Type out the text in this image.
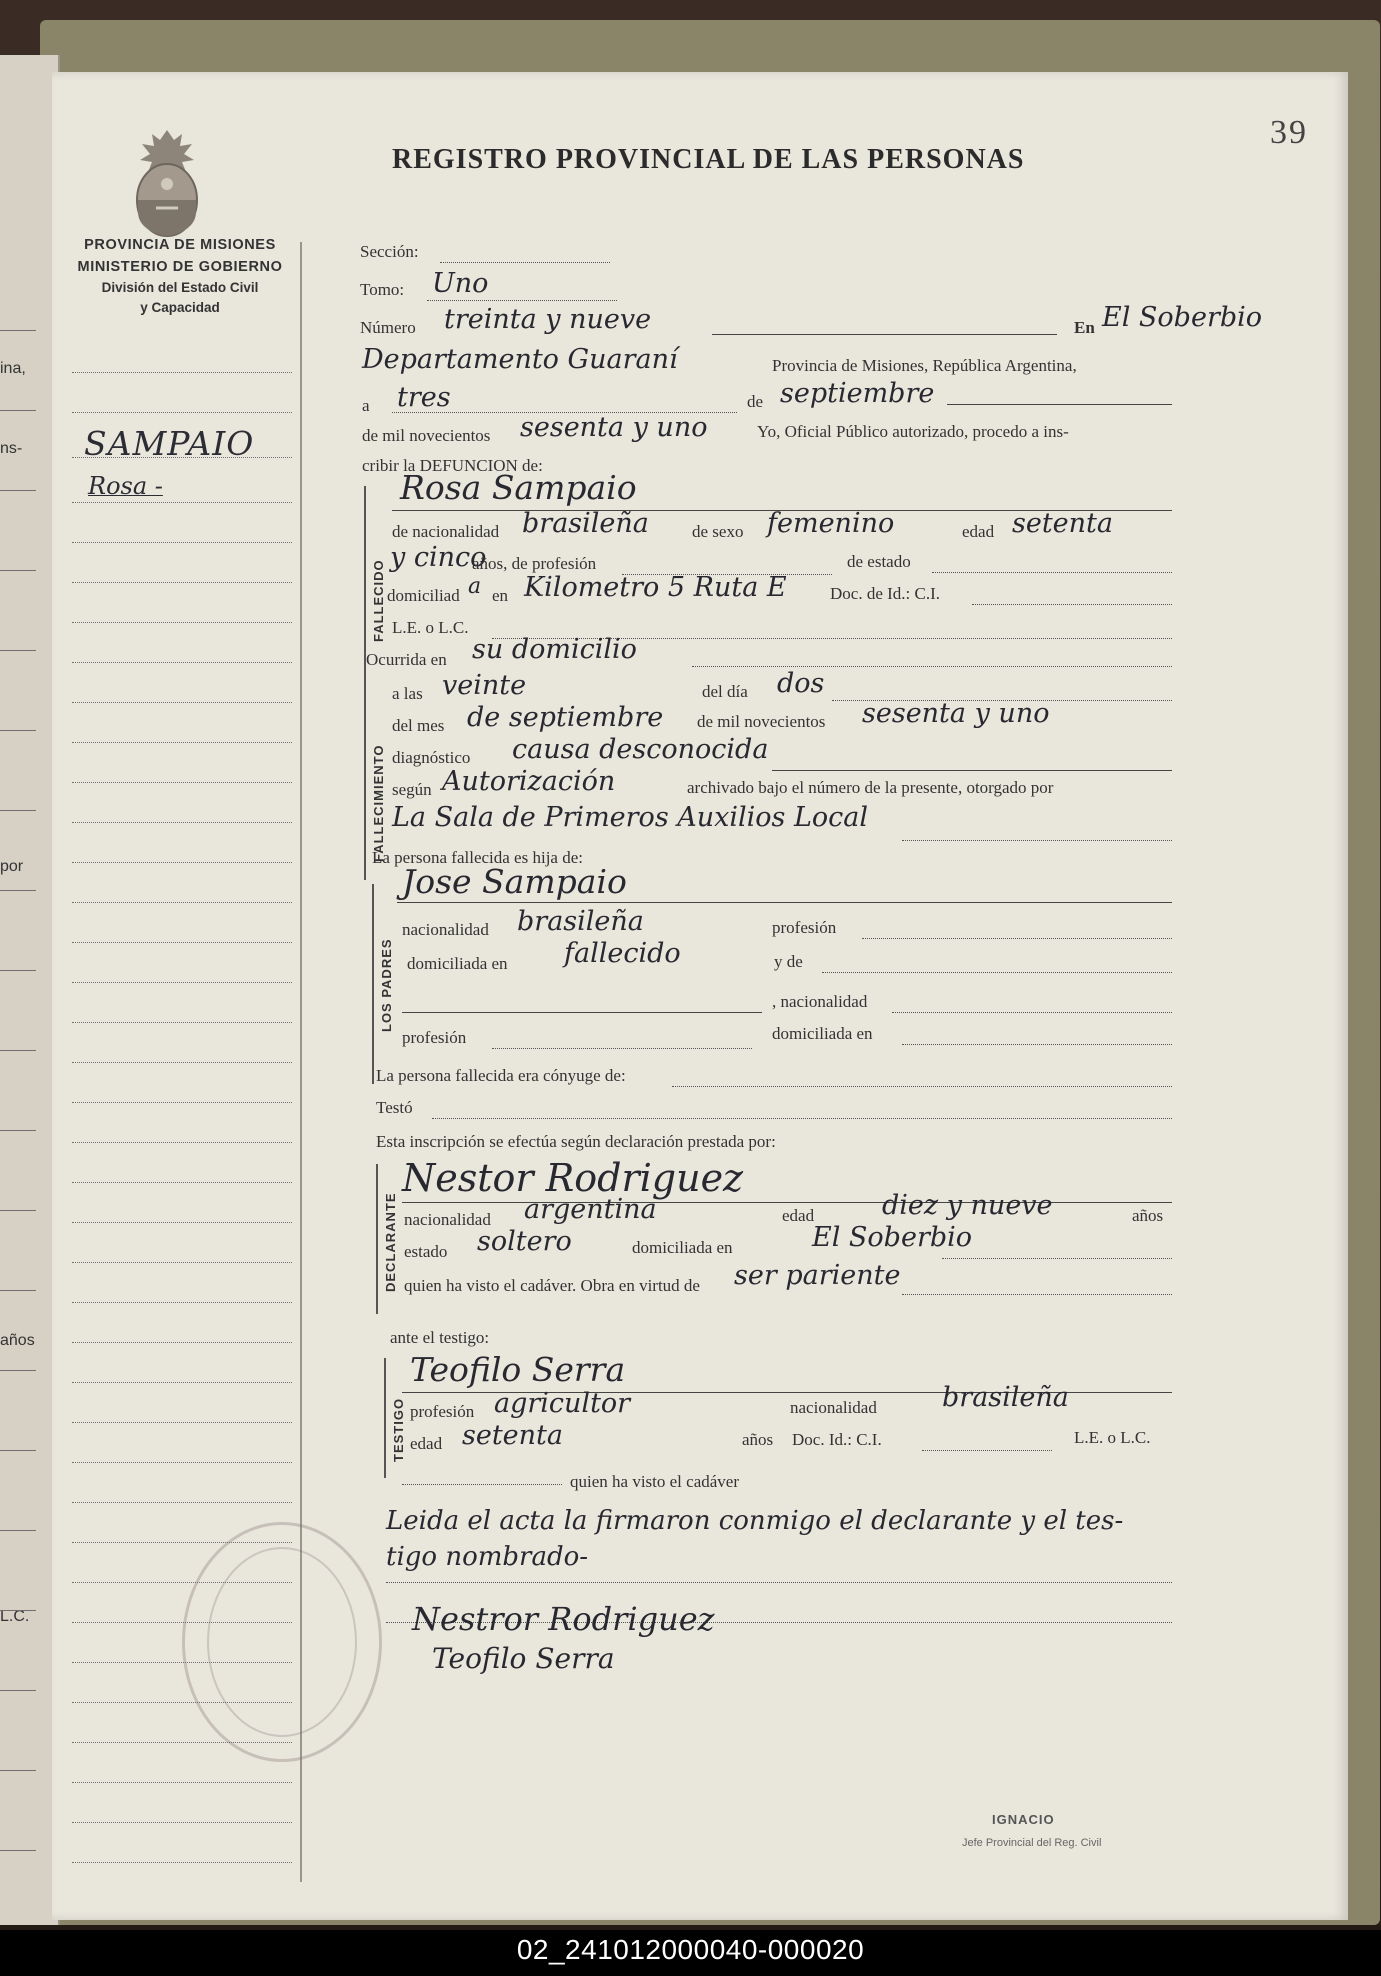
ina,
ns-
por
años
L.C.
39
REGISTRO PROVINCIAL DE LAS PERSONAS
PROVINCIA DE MISIONES
MINISTERIO DE GOBIERNO
División del Estado Civil
y Capacidad
SAMPAIO
Rosa -
Sección:
Tomo: Uno
Número treinta y nueve	En El Soberbio
Departamento Guaraní	Provincia de Misiones, República Argentina,
a tres	de septiembre
de mil novecientos sesenta y uno	Yo, Oficial Público autorizado, procedo a ins-
cribir la DEFUNCION de:
FALLECIDO
Rosa Sampaio
de nacionalidad brasileña	de sexo femenino	edad setenta
y cinco
años, de profesión	de estado
domiciliad a en Kilometro 5 Ruta E	Doc. de Id.: C.I.
L.E. o L.C.
Ocurrida en su domicilio
FALLECIMIENTO
a las veinte	del día dos
del mes de septiembre de mil novecientos sesenta y uno
diagnóstico causa desconocida
según Autorización	archivado bajo el número de la presente, otorgado por
La Sala de Primeros Auxilios Local
La persona fallecida es hija de:
LOS PADRES
Jose Sampaio
nacionalidad brasileña	profesión
domiciliada en fallecido	y de
, nacionalidad
profesión	domiciliada en
La persona fallecida era cónyuge de:
Testó
Esta inscripción se efectúa según declaración prestada por:
DECLARANTE
Nestor Rodriguez
nacionalidad argentina	edad	diez y nueve	años
estado soltero	domiciliada en	El Soberbio
quien ha visto el cadáver. Obra en virtud de ser pariente
ante el testigo:
TESTIGO
Teofilo Serra
profesión agricultor	nacionalidad brasileña
edad setenta	años Doc. Id.: C.I.	L.E. o L.C.
quien ha visto el cadáver
Leida el acta la firmaron conmigo el declarante y el tes-
tigo nombrado-
Nestror Rodriguez
Teofilo Serra
IGNACIO
Jefe Provincial del Reg. Civil
02_241012000040-000020
